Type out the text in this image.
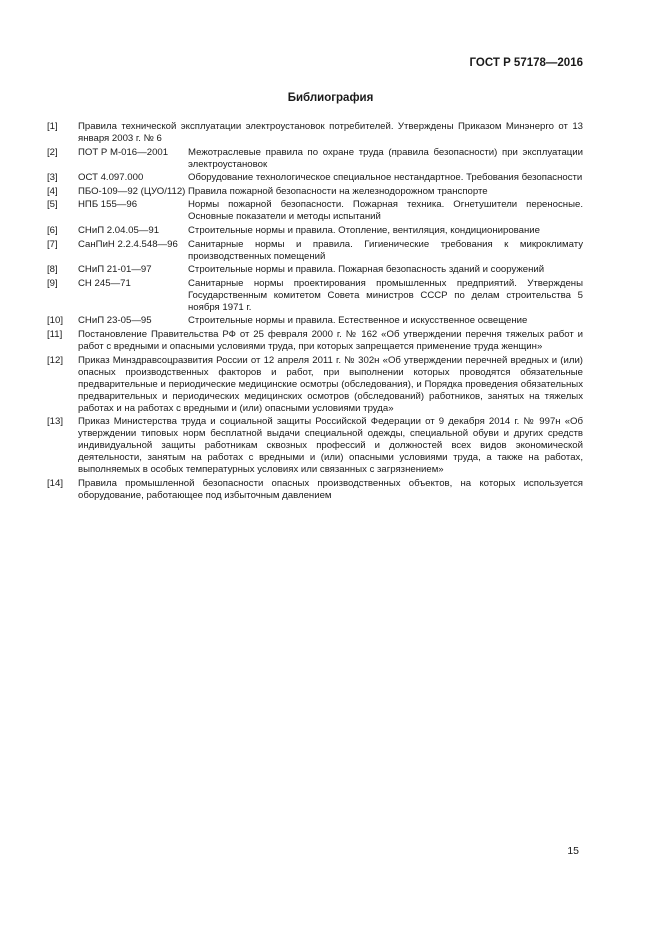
ГОСТ Р 57178—2016
Библиография
[1] Правила технической эксплуатации электроустановок потребителей. Утверждены Приказом Минэнерго от 13 января 2003 г. № 6
[2] ПОТ Р М-016—2001	Межотраслевые правила по охране труда (правила безопасности) при эксплуатации электроустановок
[3] ОСТ 4.097.000	Оборудование технологическое специальное нестандартное. Требования безопасности
[4] ПБО-109—92 (ЦУО/112) Правила пожарной безопасности на железнодорожном транспорте
[5] НПБ 155—96	Нормы пожарной безопасности. Пожарная техника. Огнетушители переносные. Основные показатели и методы испытаний
[6] СНиП 2.04.05—91	Строительные нормы и правила. Отопление, вентиляция, кондиционирование
[7] СанПиН 2.2.4.548—96	Санитарные нормы и правила. Гигиенические требования к микроклимату производственных помещений
[8] СНиП 21-01—97	Строительные нормы и правила. Пожарная безопасность зданий и сооружений
[9] СН 245—71	Санитарные нормы проектирования промышленных предприятий. Утверждены Государственным комитетом Совета министров СССР по делам строительства 5 ноября 1971 г.
[10] СНиП 23-05—95	Строительные нормы и правила. Естественное и искусственное освещение
[11] Постановление Правительства РФ от 25 февраля 2000 г. № 162 «Об утверждении перечня тяжелых работ и работ с вредными и опасными условиями труда, при которых запрещается применение труда женщин»
[12] Приказ Минздравсоцразвития России от 12 апреля 2011 г. № 302н «Об утверждении перечней вредных и (или) опасных производственных факторов и работ, при выполнении которых проводятся обязательные предварительные и периодические медицинские осмотры (обследования), и Порядка проведения обязательных предварительных и периодических медицинских осмотров (обследований) работников, занятых на тяжелых работах и на работах с вредными и (или) опасными условиями труда»
[13] Приказ Министерства труда и социальной защиты Российской Федерации от 9 декабря 2014 г. № 997н «Об утверждении типовых норм бесплатной выдачи специальной одежды, специальной обуви и других средств индивидуальной защиты работникам сквозных профессий и должностей всех видов экономической деятельности, занятым на работах с вредными и (или) опасными условиями труда, а также на работах, выполняемых в особых температурных условиях или связанных с загрязнением»
[14] Правила промышленной безопасности опасных производственных объектов, на которых используется оборудование, работающее под избыточным давлением
15
